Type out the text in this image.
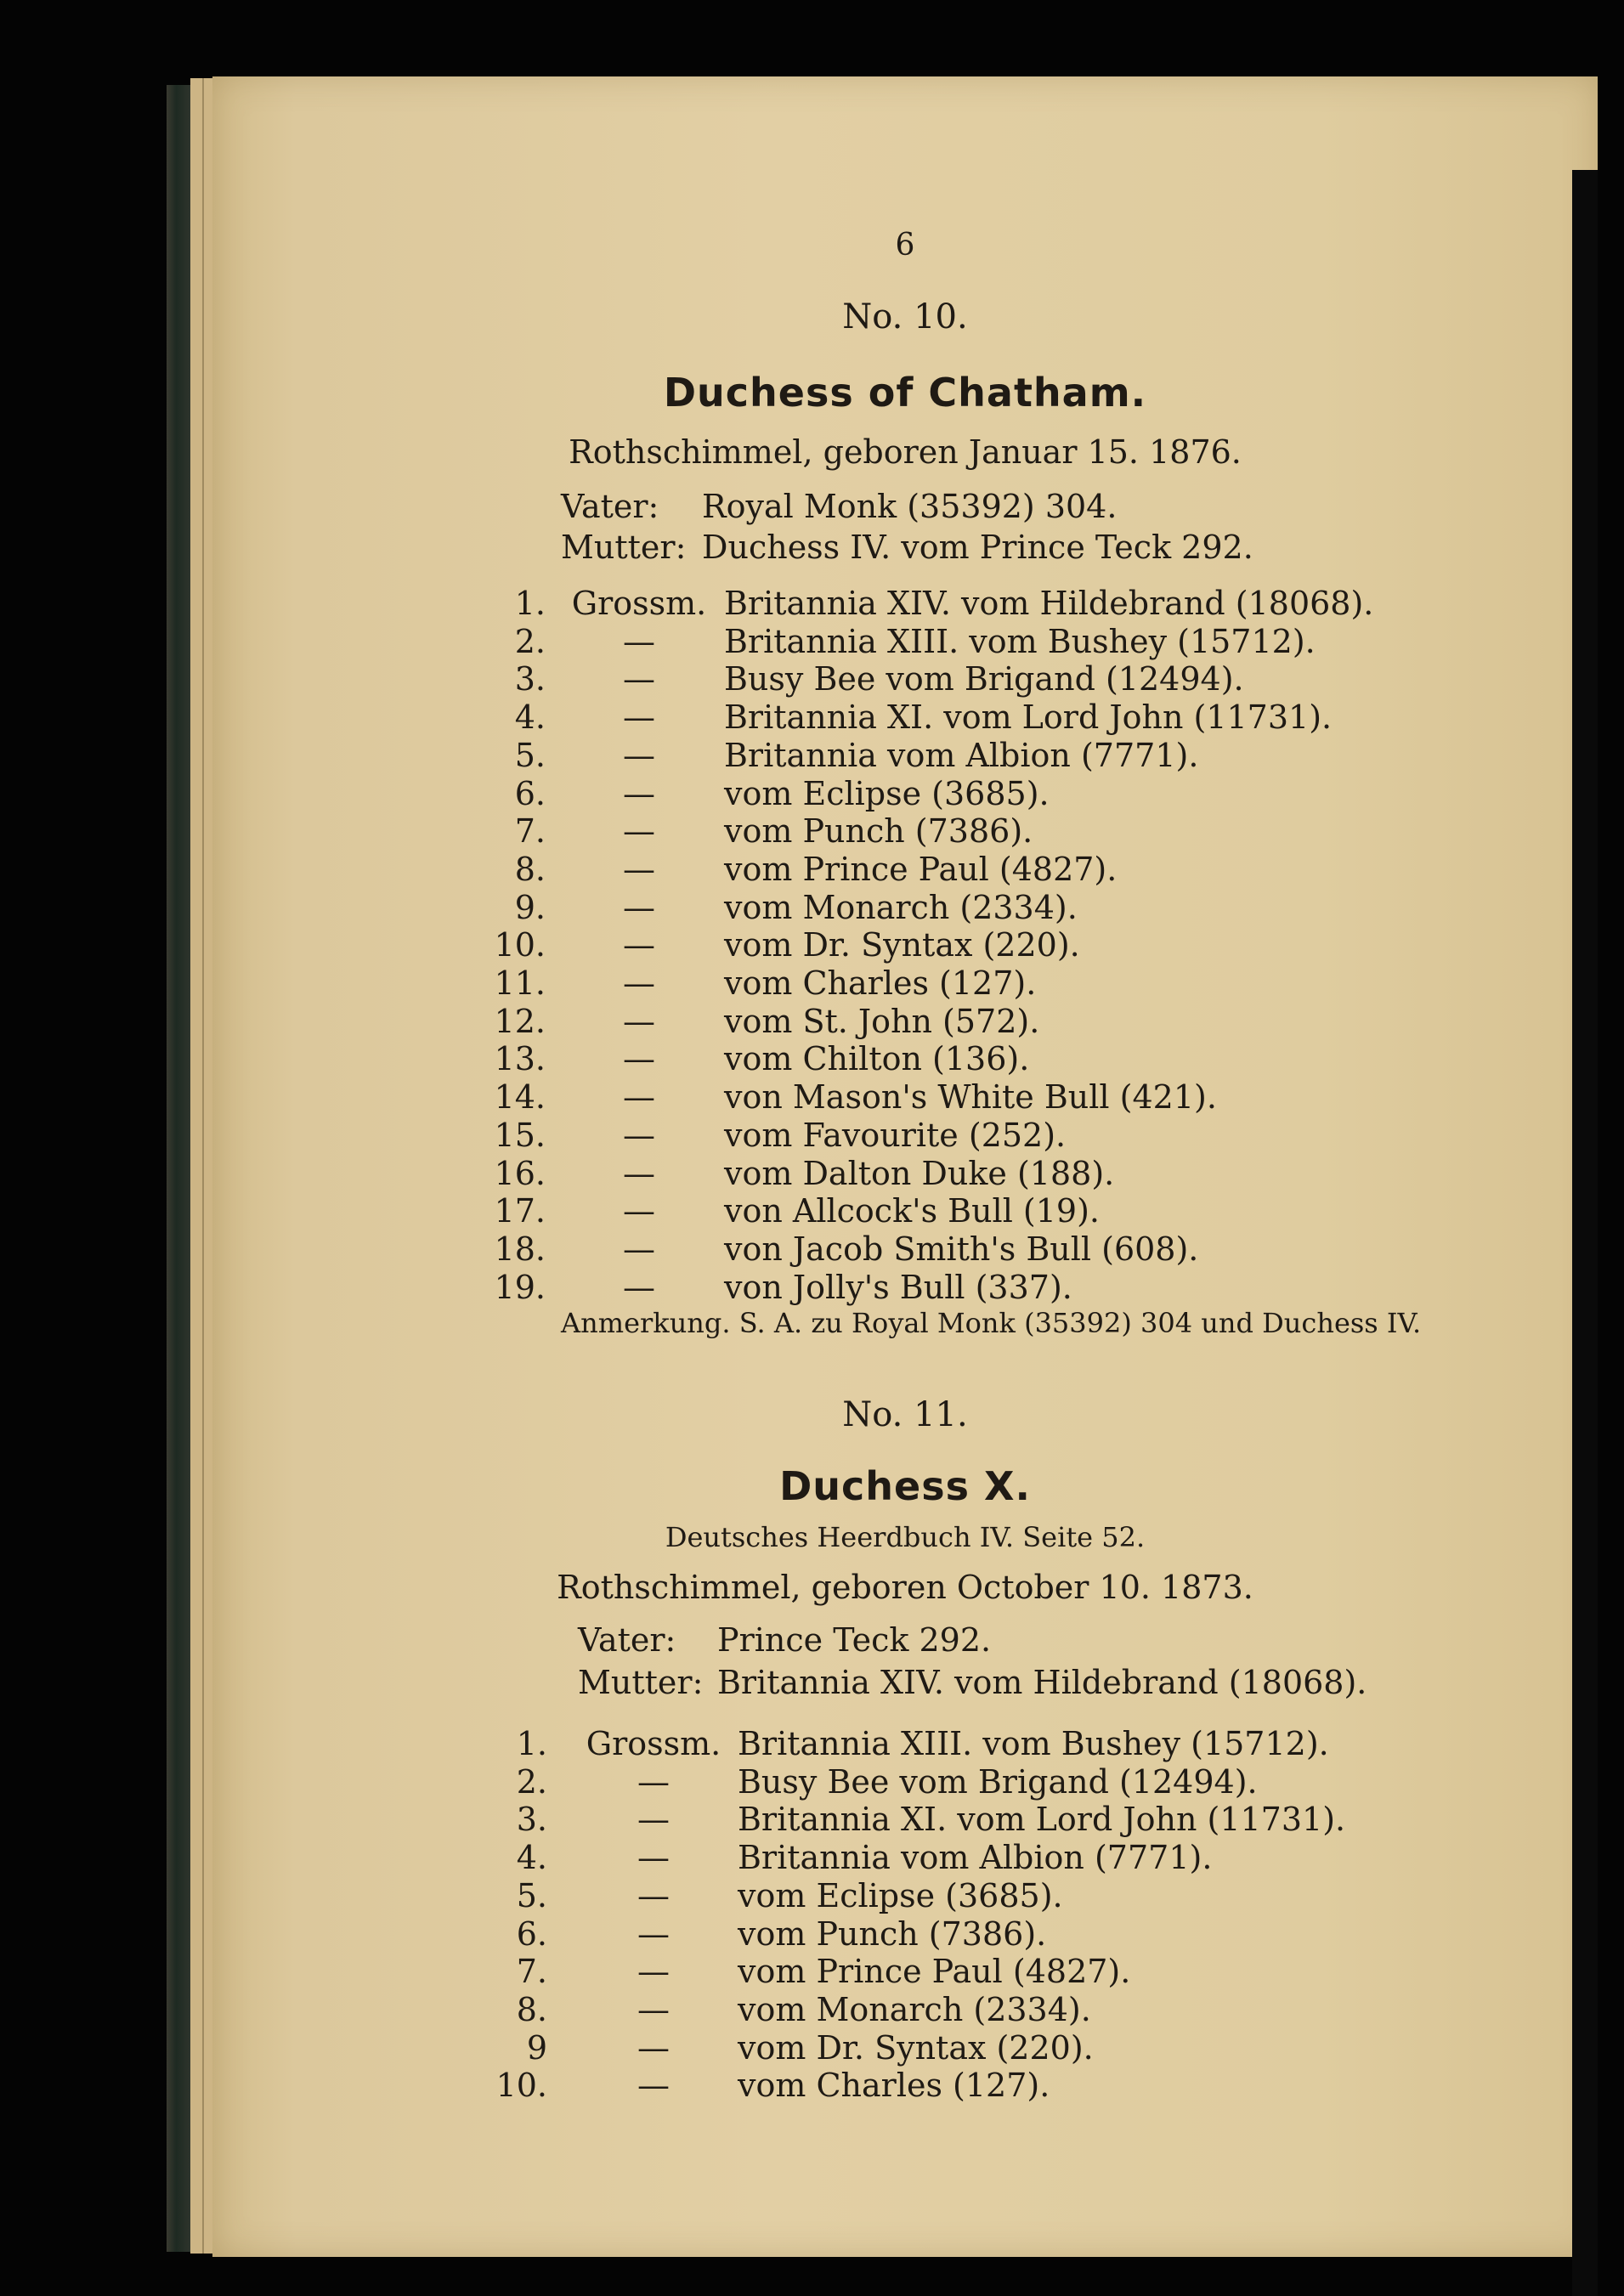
6
No. 10.
Duchess of Chatham.
Rothschimmel, geboren Januar 15. 1876.
Vater: Royal Monk (35392) 304.
Mutter: Duchess IV. vom Prince Teck 292.
1. Grossm. Britannia XIV. vom Hildebrand (18068).
2.	—	Britannia XIII. vom Bushey (15712).
3.	—	Busy Bee vom Brigand (12494).
4.	—	Britannia XI. vom Lord John (11731).
5.	—	Britannia vom Albion (7771).
6.	—	vom Eclipse (3685).
7.	—	vom Punch (7386).
8.	—	vom Prince Paul (4827).
9.	—	vom Monarch (2334).
10.	—	vom Dr. Syntax (220).
11.	—	vom Charles (127).
12.	—	vom St. John (572).
13.	—	vom Chilton (136).
14.	—	von Mason's White Bull (421).
15.	—	vom Favourite (252).
16.	—	vom Dalton Duke (188).
17.	—	von Allcock's Bull (19).
18.	—	von Jacob Smith's Bull (608).
19.	—	von Jolly's Bull (337).
Anmerkung. S. A. zu Royal Monk (35392) 304 und Duchess IV.
No. 11.
Duchess X.
Deutsches Heerdbuch IV. Seite 52.
Rothschimmel, geboren October 10. 1873.
Vater: Prince Teck 292.
Mutter: Britannia XIV. vom Hildebrand (18068).
1. Grossm. Britannia XIII. vom Bushey (15712).
2.	—	Busy Bee vom Brigand (12494).
3.	—	Britannia XI. vom Lord John (11731).
4.	—	Britannia vom Albion (7771).
5.	—	vom Eclipse (3685).
6.	—	vom Punch (7386).
7.	—	vom Prince Paul (4827).
8.	—	vom Monarch (2334).
9	—	vom Dr. Syntax (220).
10.	—	vom Charles (127).
